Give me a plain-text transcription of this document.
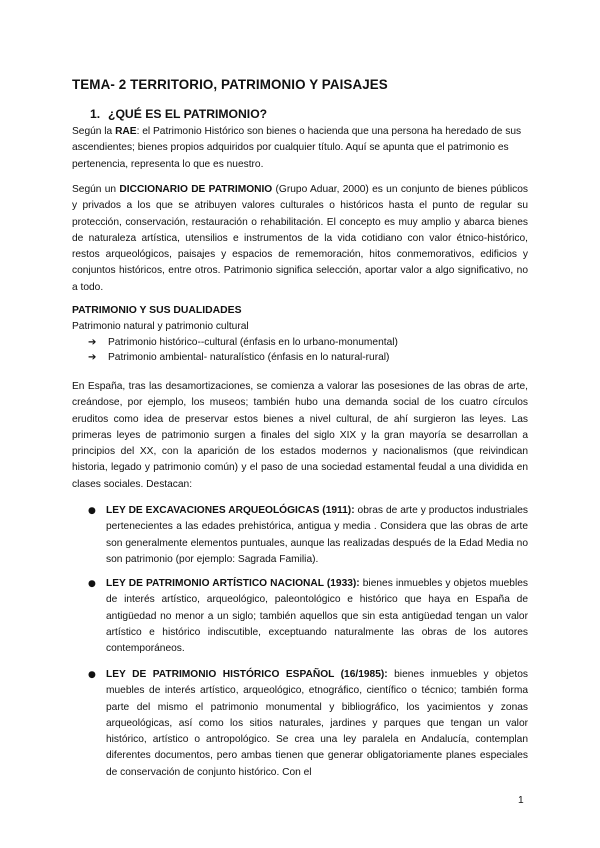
TEMA- 2 TERRITORIO, PATRIMONIO Y PAISAJES
1. ¿QUÉ ES EL PATRIMONIO?
Según la RAE: el Patrimonio Histórico son bienes o hacienda que una persona ha heredado de sus ascendientes; bienes propios adquiridos por cualquier título. Aquí se apunta que el patrimonio es pertenencia, representa lo que es nuestro.
Según un DICCIONARIO DE PATRIMONIO (Grupo Aduar, 2000) es un conjunto de bienes públicos y privados a los que se atribuyen valores culturales o históricos hasta el punto de regular su protección, conservación, restauración o rehabilitación. El concepto es muy amplio y abarca bienes de naturaleza artística, utensilios e instrumentos de la vida cotidiano con valor étnico-histórico, restos arqueológicos, paisajes y espacios de rememoración, hitos conmemorativos, edificios y conjuntos históricos, entre otros. Patrimonio significa selección, aportar valor a algo significativo, no a todo.
PATRIMONIO Y SUS DUALIDADES
Patrimonio natural y patrimonio cultural
➔ Patrimonio histórico--cultural (énfasis en lo urbano-monumental)
➔ Patrimonio ambiental- naturalístico (énfasis en lo natural-rural)
En España, tras las desamortizaciones, se comienza a valorar las posesiones de las obras de arte, creándose, por ejemplo, los museos; también hubo una demanda social de los cuatro círculos eruditos como idea de preservar estos bienes a nivel cultural, de ahí surgieron las leyes. Las primeras leyes de patrimonio surgen a finales del siglo XIX y la gran mayoría se desarrollan a principios del XX, con la aparición de los estados modernos y nacionalismos (que reivindican historia, legado y patrimonio común) y el paso de una sociedad estamental feudal a una dividida en clases sociales. Destacan:
● LEY DE EXCAVACIONES ARQUEOLÓGICAS (1911): obras de arte y productos industriales pertenecientes a las edades prehistórica, antigua y media . Considera que las obras de arte son generalmente elementos puntuales, aunque las realizadas después de la Edad Media no son patrimonio (por ejemplo: Sagrada Familia).
● LEY DE PATRIMONIO ARTÍSTICO NACIONAL (1933): bienes inmuebles y objetos muebles de interés artístico, arqueológico, paleontológico e histórico que haya en España de antigüedad no menor a un siglo; también aquellos que sin esta antigüedad tengan un valor artístico e histórico indiscutible, exceptuando naturalmente las obras de los autores contemporáneos.
● LEY DE PATRIMONIO HISTÓRICO ESPAÑOL (16/1985): bienes inmuebles y objetos muebles de interés artístico, arqueológico, etnográfico, científico o técnico; también forma parte del mismo el patrimonio monumental y bibliográfico, los yacimientos y zonas arqueológicas, así como los sitios naturales, jardines y parques que tengan un valor histórico, artístico o antropológico. Se crea una ley paralela en Andalucía, contemplan diferentes documentos, pero ambas tienen que generar obligatoriamente planes especiales de conservación de conjunto histórico. Con el
1
